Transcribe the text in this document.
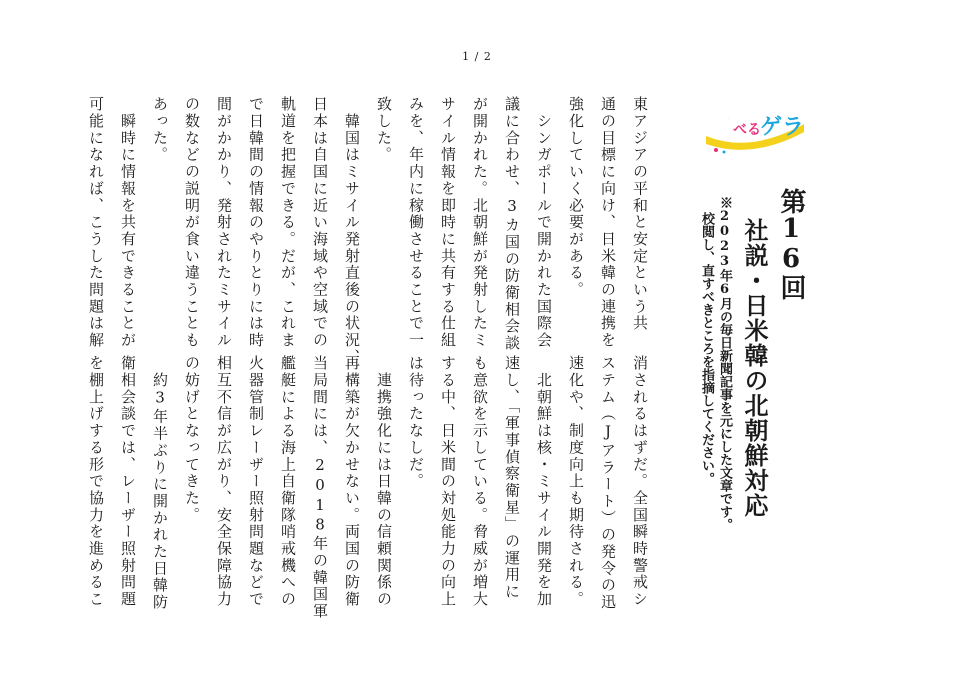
1 / 2
学 べる ゲラ
第16回
社説・日米韓の北朝鮮対応

※2023年6月の毎日新聞記事を元にした文章です。

校閲し、直すべきところを指摘してください。

東アジアの平和と安定という共

通の目標に向け、日米韓の連携を

強化していく必要がある。

　シンガポールで開かれた国際会

議に合わせ、3カ国の防衛相会談

が開かれた。北朝鮮が発射したミ

サイル情報を即時に共有する仕組

みを、年内に稼働させることで一

致した。

　韓国はミサイル発射直後の状況、

日本は自国に近い海域や空域での

軌道を把握できる。だが、これま

で日韓間の情報のやりとりには時

間がかかり、発射されたミサイル

の数などの説明が食い違うことも

あった。

　瞬時に情報を共有できることが

可能になれば、こうした問題は解

消されるはずだ。全国瞬時警戒シ

ステム（Jアラート）の発令の迅

速化や、制度向上も期待される。

　北朝鮮は核・ミサイル開発を加

速し、「軍事偵察衛星」の運用に

も意欲を示している。脅威が増大

する中、日米間の対処能力の向上

は待ったなしだ。

　連携強化には日韓の信頼関係の

再構築が欠かせない。両国の防衛

当局間には、2018年の韓国軍

艦艇による海上自衛隊哨戒機への

火器管制レーザー照射問題などで

相互不信が広がり、安全保障協力

の妨げとなってきた。

　約3年半ぶりに開かれた日韓防

衛相会談では、レーザー照射問題

を棚上げする形で協力を進めるこ
